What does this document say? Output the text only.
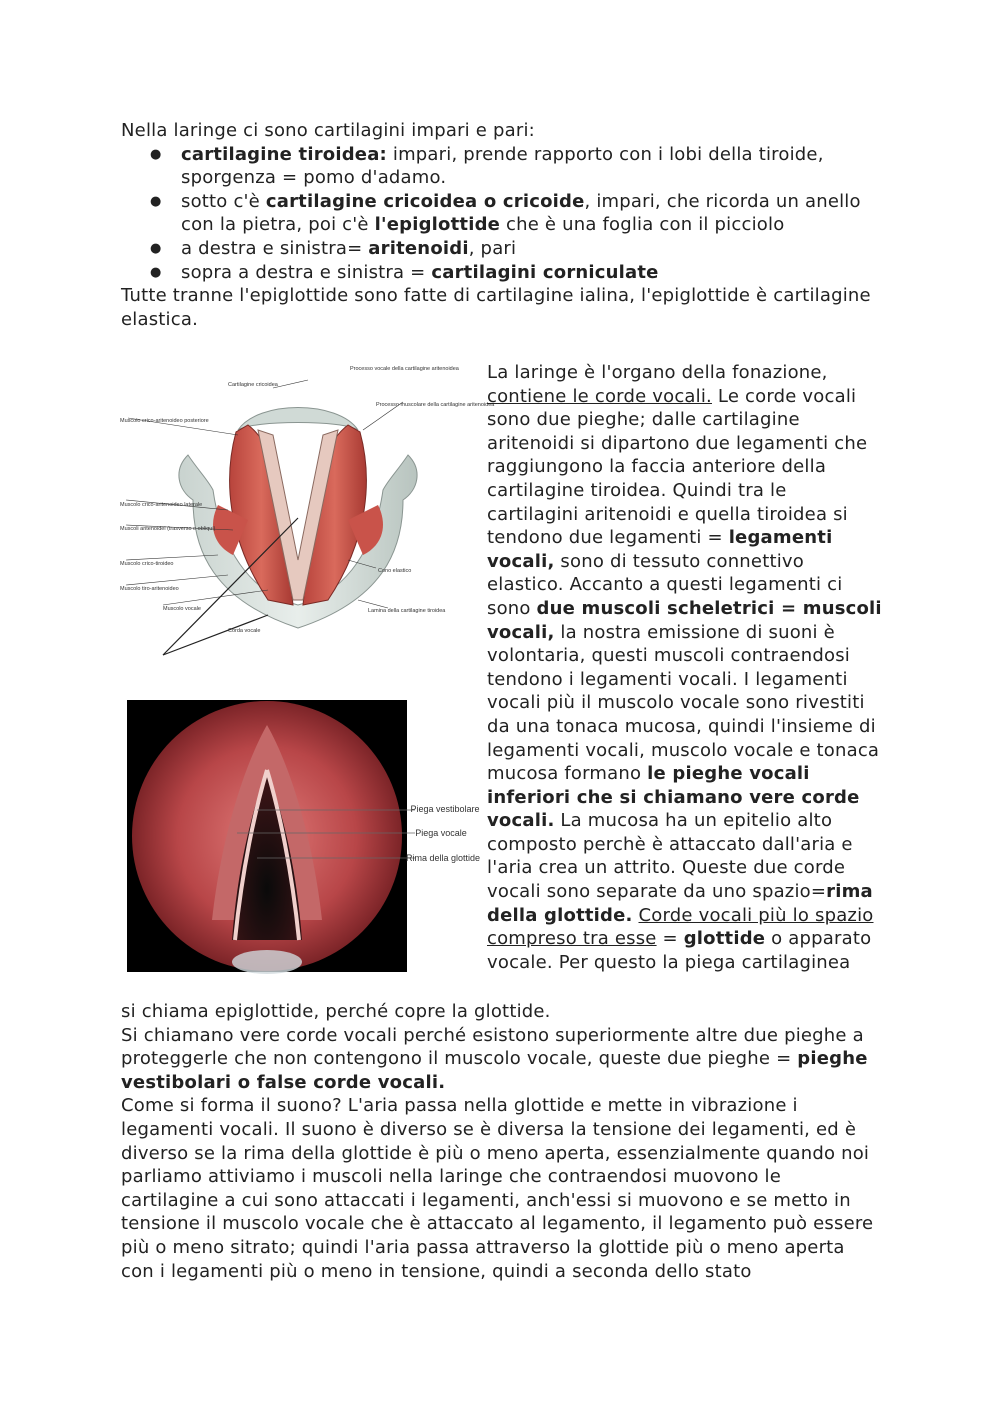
Nella laringe ci sono cartilagini impari e pari:
● cartilagine tiroidea: impari, prende rapporto con i lobi della tiroide, sporgenza = pomo d'adamo.
● sotto c'è cartilagine cricoidea o cricoide, impari, che ricorda un anello con la pietra, poi c'è l'epiglottide che è una foglia con il picciolo
● a destra e sinistra= aritenoidi, pari
● sopra a destra e sinistra = cartilagini corniculate
Tutte tranne l'epiglottide sono fatte di cartilagine ialina, l'epiglottide è cartilagine elastica.
Cartilagine cricoidea
Muscolo crico-aritenoideo posteriore
Processo muscolare della cartilagine aritenoidea
Processo vocale della cartilagine aritenoidea
Muscolo crico-aritenoideo laterale
Muscoli aritenoidei (trasverso e obliqui)
Muscolo crico-tiroideo
Muscolo tiro-aritenoideo
Muscolo vocale
Corda vocale
Cono elastico
Lamina della cartilagine tiroidea
Piega vestibolare
Piega vocale
Rima della glottide

La laringe è l'organo della fonazione, contiene le corde vocali. Le corde vocali sono due pieghe; dalle cartilagine aritenoidi si dipartono due legamenti che raggiungono la faccia anteriore della cartilagine tiroidea. Quindi tra le cartilagini aritenoidi e quella tiroidea si tendono due legamenti = legamenti vocali, sono di tessuto connettivo elastico. Accanto a questi legamenti ci sono due muscoli scheletrici = muscoli vocali, la nostra emissione di suoni è volontaria, questi muscoli contraendosi tendono i legamenti vocali. I legamenti vocali più il muscolo vocale sono rivestiti da una tonaca mucosa, quindi l'insieme di legamenti vocali, muscolo vocale e tonaca mucosa formano le pieghe vocali inferiori che si chiamano vere corde vocali. La mucosa ha un epitelio alto composto perchè è attaccato dall'aria e l'aria crea un attrito. Queste due corde vocali sono separate da uno spazio=rima della glottide. Corde vocali più lo spazio compreso tra esse = glottide o apparato vocale. Per questo la piega cartilaginea

si chiama epiglottide, perché copre la glottide.

Si chiamano vere corde vocali perché esistono superiormente altre due pieghe a proteggerle che non contengono il muscolo vocale, queste due pieghe = pieghe vestibolari o false corde vocali.

Come si forma il suono? L'aria passa nella glottide e mette in vibrazione i legamenti vocali. Il suono è diverso se è diversa la tensione dei legamenti, ed è diverso se la rima della glottide è più o meno aperta, essenzialmente quando noi parliamo attiviamo i muscoli nella laringe che contraendosi muovono le cartilagine a cui sono attaccati i legamenti, anch'essi si muovono e se metto in tensione il muscolo vocale che è attaccato al legamento, il legamento può essere più o meno sitrato; quindi l'aria passa attraverso la glottide più o meno aperta con i legamenti più o meno in tensione, quindi a seconda dello stato
